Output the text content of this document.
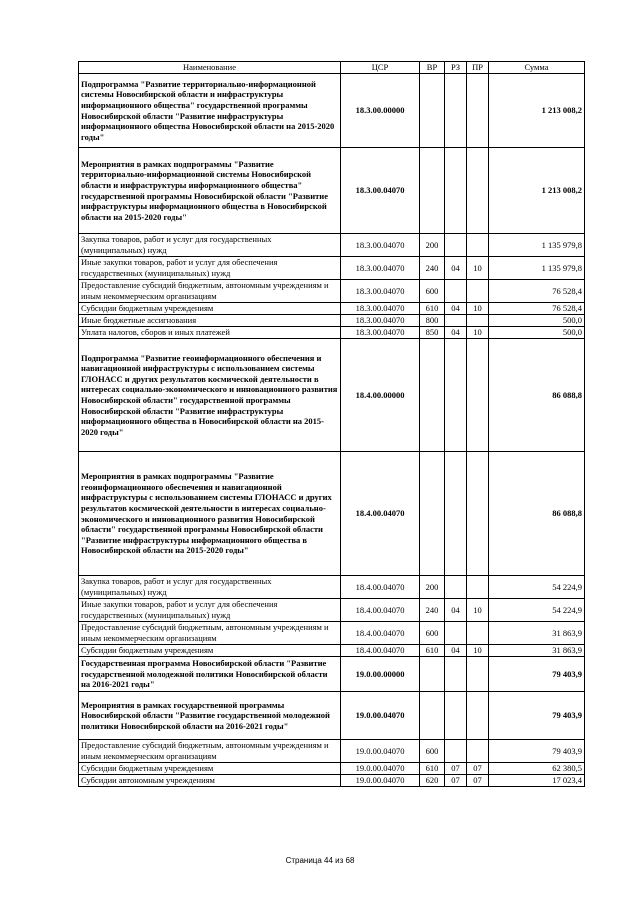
Наименование	ЦСР	ВР	РЗ	ПР	Сумма
Подпрограмма "Развитие территориально-информационной системы Новосибирской области и инфраструктуры информационного общества" государственной программы Новосибирской области "Развитие инфраструктуры информационного общества Новосибирской области на 2015-2020 годы"	18.3.00.00000				1 213 008,2
Мероприятия в рамках подпрограммы "Развитие территориально-информационной системы Новосибирской области и инфраструктуры информационного общества" государственной программы Новосибирской области "Развитие инфраструктуры информационного общества в Новосибирской области на 2015-2020 годы"	18.3.00.04070				1 213 008,2
Закупка товаров, работ и услуг для государственных (муниципальных) нужд	18.3.00.04070	200			1 135 979,8
Иные закупки товаров, работ и услуг для обеспечения государственных (муниципальных) нужд	18.3.00.04070	240	04	10	1 135 979,8
Предоставление субсидий бюджетным, автономным учреждениям и иным некоммерческим организациям	18.3.00.04070	600			76 528,4
Субсидии бюджетным учреждениям	18.3.00.04070	610	04	10	76 528,4
Иные бюджетные ассигнования	18.3.00.04070	800			500,0
Уплата налогов, сборов и иных платежей	18.3.00.04070	850	04	10	500,0
Подпрограмма "Развитие геоинформационного обеспечения и навигационной инфраструктуры с использованием системы ГЛОНАСС и других результатов космической деятельности в интересах социально-экономического и инновационного развития Новосибирской области" государственной программы Новосибирской области "Развитие инфраструктуры информационного общества в Новосибирской области на 2015-2020 годы"	18.4.00.00000				86 088,8
Мероприятия в рамках подпрограммы "Развитие геоинформационного обеспечения и навигационной инфраструктуры с использованием системы ГЛОНАСС и других результатов космической деятельности в интересах социально-экономического и инновационного развития Новосибирской области" государственной программы Новосибирской области "Развитие инфраструктуры информационного общества в Новосибирской области на 2015-2020 годы"	18.4.00.04070				86 088,8
Закупка товаров, работ и услуг для государственных (муниципальных) нужд	18.4.00.04070	200			54 224,9
Иные закупки товаров, работ и услуг для обеспечения государственных (муниципальных) нужд	18.4.00.04070	240	04	10	54 224,9
Предоставление субсидий бюджетным, автономным учреждениям и иным некоммерческим организациям	18.4.00.04070	600			31 863,9
Субсидии бюджетным учреждениям	18.4.00.04070	610	04	10	31 863,9
Государственная программа Новосибирской области "Развитие государственной молодежной политики Новосибирской области на 2016-2021 годы"	19.0.00.00000				79 403,9
Мероприятия в рамках государственной программы Новосибирской области "Развитие государственной молодежной политики Новосибирской области на 2016-2021 годы"	19.0.00.04070				79 403,9
Предоставление субсидий бюджетным, автономным учреждениям и иным некоммерческим организациям	19.0.00.04070	600			79 403,9
Субсидии бюджетным учреждениям	19.0.00.04070	610	07	07	62 380,5
Субсидии автономным учреждениям	19.0.00.04070	620	07	07	17 023,4
Страница 44 из 68
